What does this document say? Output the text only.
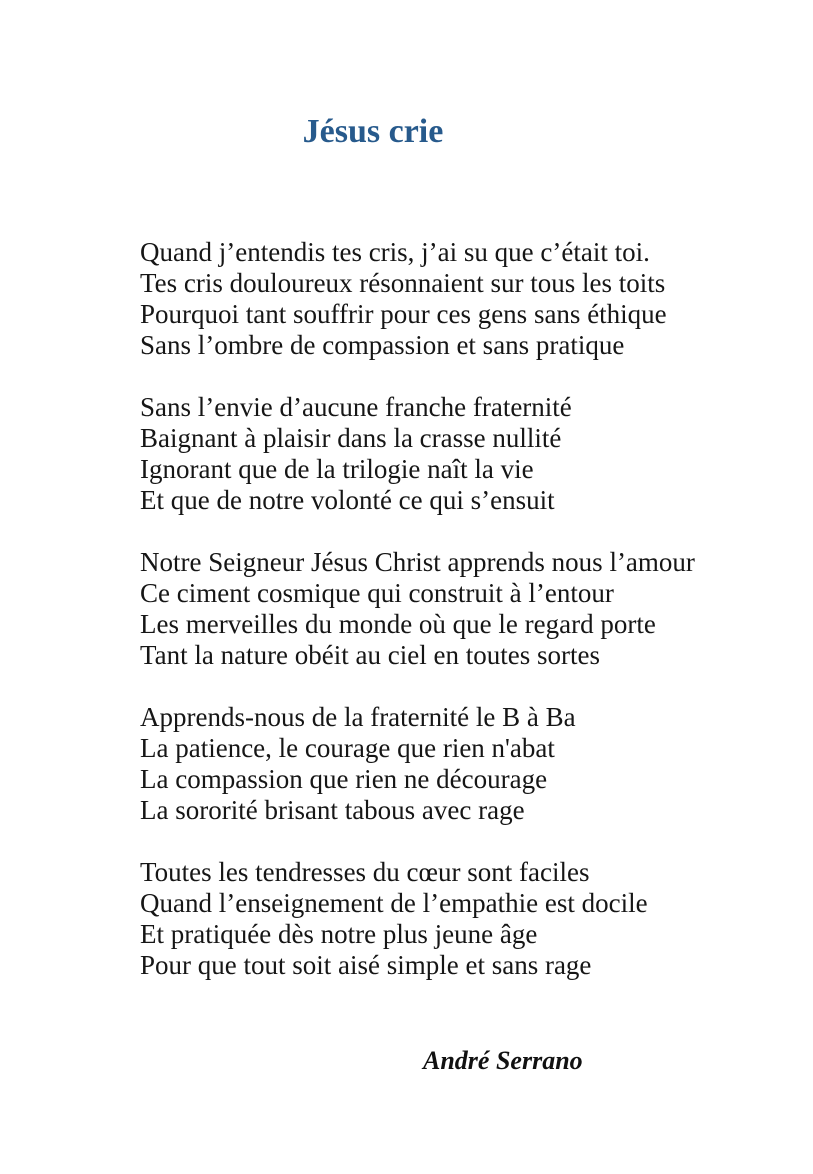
Jésus crie
Quand j’entendis tes cris, j’ai su que c’était toi.
Tes cris douloureux résonnaient sur tous les toits
Pourquoi tant souffrir pour ces gens sans éthique
Sans l’ombre de compassion et sans pratique
Sans l’envie d’aucune franche fraternité
Baignant à plaisir dans la crasse nullité
Ignorant que de la trilogie naît la vie
Et que de notre volonté ce qui s’ensuit
Notre Seigneur Jésus Christ apprends nous l’amour
Ce ciment cosmique qui construit à l’entour
Les merveilles du monde où que le regard porte
Tant la nature obéit au ciel en toutes sortes
Apprends-nous de la fraternité le B à Ba
La patience, le courage que rien n'abat
La compassion que rien ne décourage
La sororité brisant tabous avec rage
Toutes les tendresses du cœur sont faciles
Quand l’enseignement de l’empathie est docile
Et pratiquée dès notre plus jeune âge
Pour que tout soit aisé simple et sans rage
André Serrano
